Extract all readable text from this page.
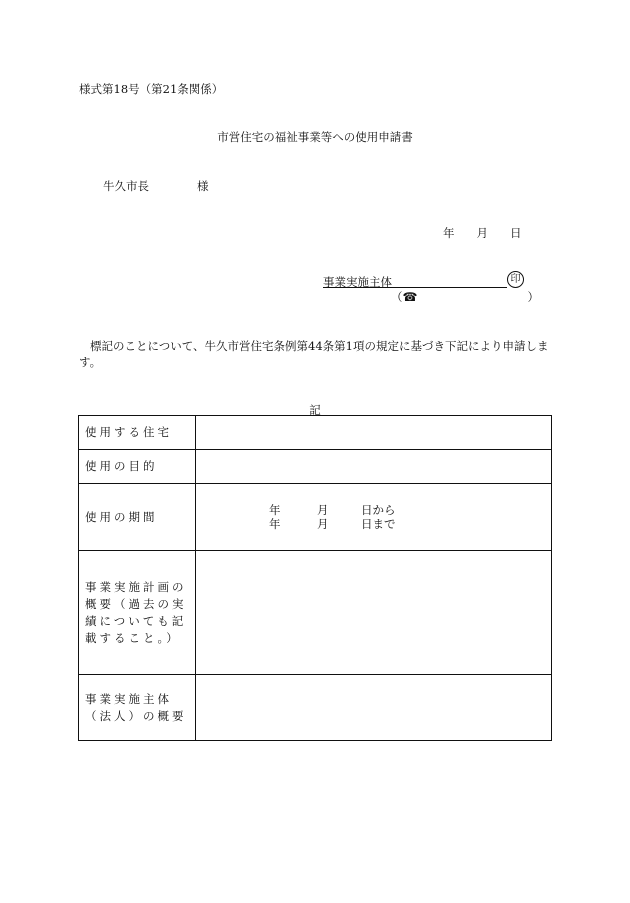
様式第18号（第21条関係）
市営住宅の福祉事業等への使用申請書
牛久市長	様
年 月 日
事業実施主体	印
（☎	）
標記のことについて、牛久市営住宅条例第44条第1項の規定に基づき下記により申請します。
記
使用する住宅	
使用の目的	
使用の期間	年 月 日から
年 月 日まで

事業実施計画の概要（過去の実績についても記載すること。）	
事業実施主体（法人）の概要	
